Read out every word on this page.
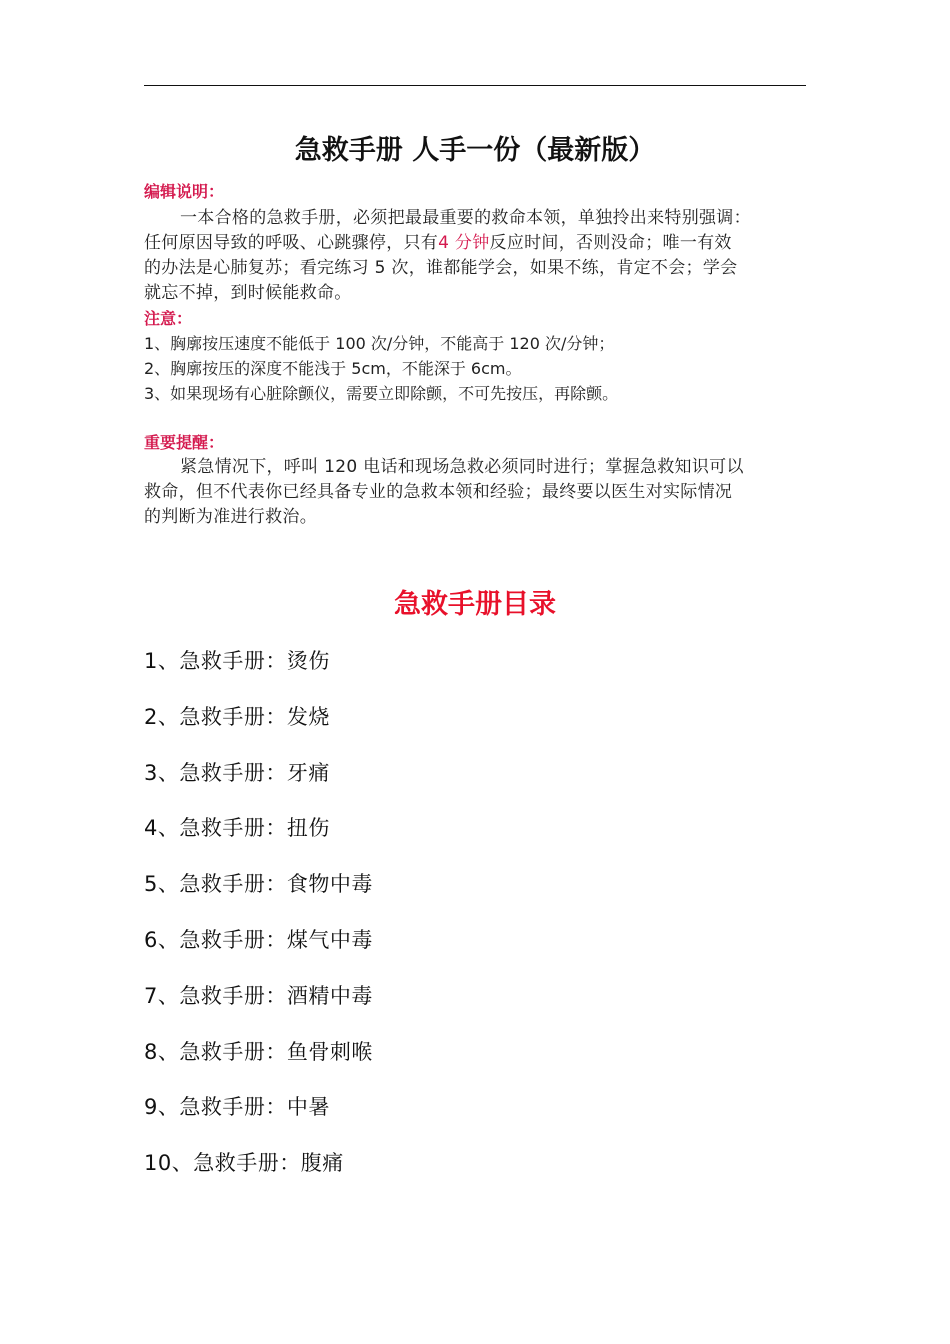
急救手册 人手一份（最新版）
编辑说明：
一本合格的急救手册，必须把最最重要的救命本领，单独拎出来特别强调：
任何原因导致的呼吸、心跳骤停，只有4 分钟反应时间，否则没命；唯一有效
的办法是心肺复苏；看完练习 5 次，谁都能学会，如果不练，肯定不会；学会
就忘不掉，到时候能救命。
注意：
1、胸廓按压速度不能低于 100 次/分钟，不能高于 120 次/分钟；
2、胸廓按压的深度不能浅于 5cm，不能深于 6cm。
3、如果现场有心脏除颤仪，需要立即除颤，不可先按压，再除颤。
重要提醒：
紧急情况下，呼叫 120 电话和现场急救必须同时进行；掌握急救知识可以
救命，但不代表你已经具备专业的急救本领和经验；最终要以医生对实际情况
的判断为准进行救治。
急救手册目录
1、急救手册：烫伤
2、急救手册：发烧
3、急救手册：牙痛
4、急救手册：扭伤
5、急救手册：食物中毒
6、急救手册：煤气中毒
7、急救手册：酒精中毒
8、急救手册：鱼骨刺喉
9、急救手册：中暑
10、急救手册：腹痛
